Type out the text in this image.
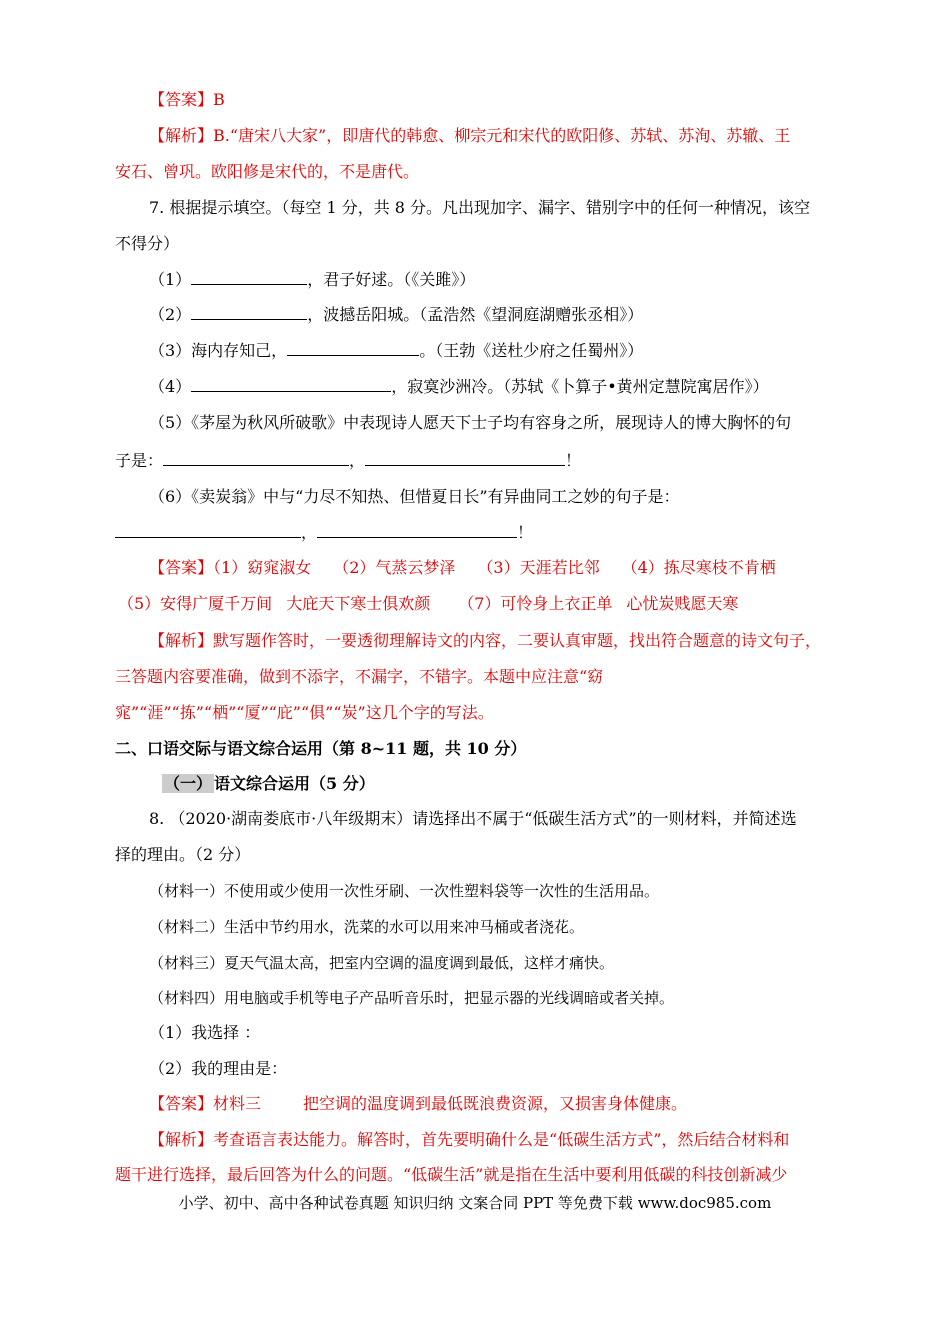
【答案】B
【解析】B.“唐宋八大家”，即唐代的韩愈、柳宗元和宋代的欧阳修、苏轼、苏洵、苏辙、王
安石、曾巩。欧阳修是宋代的，不是唐代。
7. 根据提示填空。（每空 1 分，共 8 分。凡出现加字、漏字、错别字中的任何一种情况，该空
不得分）
（1）	，君子好逑。（《关雎》）
（2）	，波撼岳阳城。（孟浩然《望洞庭湖赠张丞相》）
（3）海内存知己，	。（王勃《送杜少府之任蜀州》）
（4）	，寂寞沙洲冷。（苏轼《卜算子•黄州定慧院寓居作》）
（5）《茅屋为秋风所破歌》中表现诗人愿天下士子均有容身之所，展现诗人的博大胸怀的句
子是：	，	！
（6）《卖炭翁》中与“力尽不知热、但惜夏日长”有异曲同工之妙的句子是：
，	！
【答案】（1）窈窕淑女 （2）气蒸云梦泽 （3）天涯若比邻 （4）拣尽寒枝不肯栖
（5）安得广厦千万间 大庇天下寒士俱欢颜 （7）可怜身上衣正单 心忧炭贱愿天寒
【解析】默写题作答时，一要透彻理解诗文的内容，二要认真审题，找出符合题意的诗文句子，
三答题内容要准确，做到不添字，不漏字，不错字。本题中应注意“窈
窕”“涯”“拣”“栖”“厦”“庇”“俱”“炭”这几个字的写法。
二、口语交际与语文综合运用（第 8~11 题，共 10 分）
（一） 语文综合运用（5 分）
8. （2020·湖南娄底市·八年级期末）请选择出不属于“低碳生活方式”的一则材料，并简述选
择的理由。（2 分）
（材料一）不使用或少使用一次性牙刷、一次性塑料袋等一次性的生活用品。
（材料二）生活中节约用水，洗菜的水可以用来冲马桶或者浇花。
（材料三）夏天气温太高，把室内空调的温度调到最低，这样才痛快。
（材料四）用电脑或手机等电子产品听音乐时，把显示器的光线调暗或者关掉。
（1）我选择 ：
（2）我的理由是：
【答案】材料三	把空调的温度调到最低既浪费资源，又损害身体健康。
【解析】考查语言表达能力。解答时，首先要明确什么是“低碳生活方式”，然后结合材料和
题干进行选择，最后回答为什么的问题。“低碳生活”就是指在生活中要利用低碳的科技创新减少
小学、初中、高中各种试卷真题 知识归纳 文案合同 PPT 等免费下载 www.doc985.com
